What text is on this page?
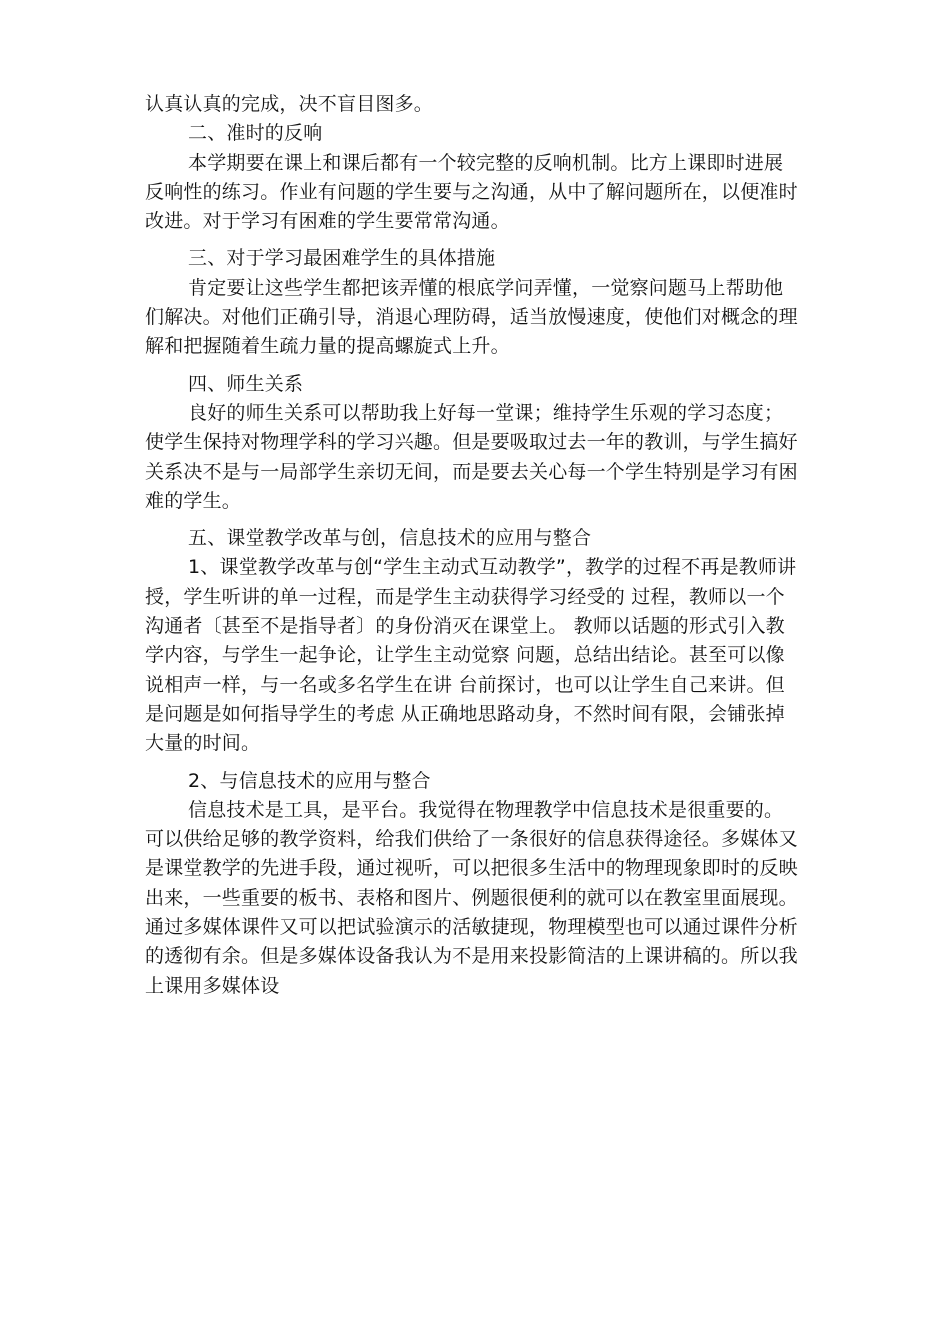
认真认真的完成，决不盲目图多。

二、准时的反响

本学期要在课上和课后都有一个较完整的反响机制。比方上课即时进展反响性的练习。作业有问题的学生要与之沟通，从中了解问题所在，以便准时改进。对于学习有困难的学生要常常沟通。

三、对于学习最困难学生的具体措施

肯定要让这些学生都把该弄懂的根底学问弄懂，一觉察问题马上帮助他们解决。对他们正确引导，消退心理防碍，适当放慢速度，使他们对概念的理解和把握随着生疏力量的提高螺旋式上升。

四、师生关系

良好的师生关系可以帮助我上好每一堂课；维持学生乐观的学习态度；使学生保持对物理学科的学习兴趣。但是要吸取过去一年的教训，与学生搞好关系决不是与一局部学生亲切无间，而是要去关心每一个学生特别是学习有困难的学生。

五、课堂教学改革与创，信息技术的应用与整合

1、课堂教学改革与创“学生主动式互动教学”，教学的过程不再是教师讲授，学生听讲的单一过程，而是学生主动获得学习经受的 过程，教师以一个沟通者〔甚至不是指导者〕的身份消灭在课堂上。 教师以话题的形式引入教学内容，与学生一起争论，让学生主动觉察 问题，总结出结论。甚至可以像说相声一样，与一名或多名学生在讲 台前探讨，也可以让学生自己来讲。但是问题是如何指导学生的考虑 从正确地思路动身，不然时间有限，会铺张掉大量的时间。

2、与信息技术的应用与整合

信息技术是工具，是平台。我觉得在物理教学中信息技术是很重要的。可以供给足够的教学资料，给我们供给了一条很好的信息获得途径。多媒体又是课堂教学的先进手段，通过视听，可以把很多生活中的物理现象即时的反映出来，一些重要的板书、表格和图片、例题很便利的就可以在教室里面展现。通过多媒体课件又可以把试验演示的活敏捷现，物理模型也可以通过课件分析的透彻有余。但是多媒体设备我认为不是用来投影简洁的上课讲稿的。所以我上课用多媒体设
